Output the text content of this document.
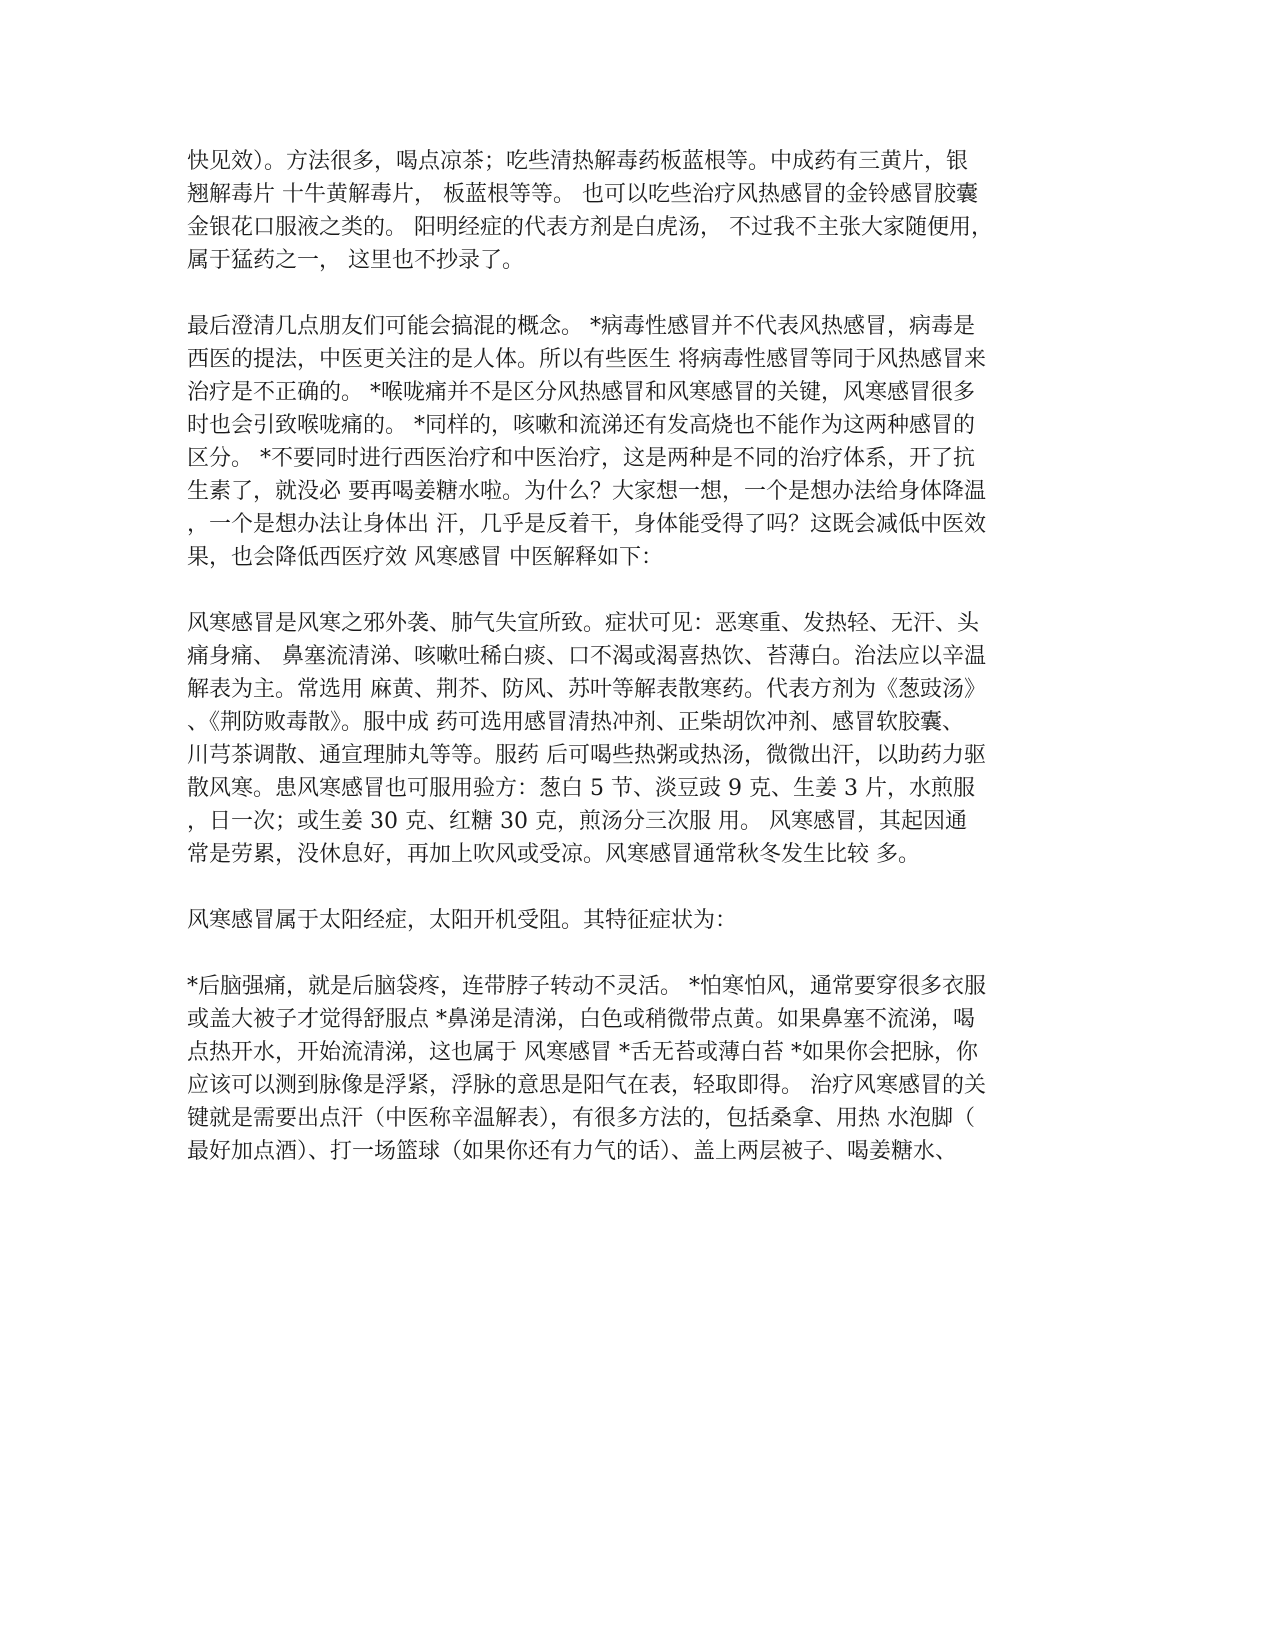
快见效）。方法很多，喝点凉茶；吃些清热解毒药板蓝根等。中成药有三黄片，银
翘解毒片 十牛黄解毒片， 板蓝根等等。 也可以吃些治疗风热感冒的金铃感冒胶囊
金银花口服液之类的。 阳明经症的代表方剂是白虎汤， 不过我不主张大家随便用，
属于猛药之一， 这里也不抄录了。
最后澄清几点朋友们可能会搞混的概念。 *病毒性感冒并不代表风热感冒，病毒是
西医的提法，中医更关注的是人体。所以有些医生 将病毒性感冒等同于风热感冒来
治疗是不正确的。 *喉咙痛并不是区分风热感冒和风寒感冒的关键，风寒感冒很多
时也会引致喉咙痛的。 *同样的，咳嗽和流涕还有发高烧也不能作为这两种感冒的
区分。 *不要同时进行西医治疗和中医治疗，这是两种是不同的治疗体系，开了抗
生素了，就没必 要再喝姜糖水啦。为什么？大家想一想，一个是想办法给身体降温
，一个是想办法让身体出 汗，几乎是反着干，身体能受得了吗？这既会减低中医效
果，也会降低西医疗效 风寒感冒 中医解释如下：
风寒感冒是风寒之邪外袭、肺气失宣所致。症状可见：恶寒重、发热轻、无汗、头
痛身痛、 鼻塞流清涕、咳嗽吐稀白痰、口不渴或渴喜热饮、苔薄白。治法应以辛温
解表为主。常选用 麻黄、荆芥、防风、苏叶等解表散寒药。代表方剂为《葱豉汤》
、《荆防败毒散》。服中成 药可选用感冒清热冲剂、正柴胡饮冲剂、感冒软胶囊、
川芎茶调散、通宣理肺丸等等。服药 后可喝些热粥或热汤，微微出汗，以助药力驱
散风寒。患风寒感冒也可服用验方：葱白 5 节、淡豆豉 9 克、生姜 3 片，水煎服
，日一次；或生姜 30 克、红糖 30 克，煎汤分三次服 用。 风寒感冒，其起因通
常是劳累，没休息好，再加上吹风或受凉。风寒感冒通常秋冬发生比较 多。
风寒感冒属于太阳经症，太阳开机受阻。其特征症状为：
*后脑强痛，就是后脑袋疼，连带脖子转动不灵活。 *怕寒怕风，通常要穿很多衣服
或盖大被子才觉得舒服点 *鼻涕是清涕，白色或稍微带点黄。如果鼻塞不流涕，喝
点热开水，开始流清涕，这也属于 风寒感冒 *舌无苔或薄白苔 *如果你会把脉，你
应该可以测到脉像是浮紧，浮脉的意思是阳气在表，轻取即得。 治疗风寒感冒的关
键就是需要出点汗（中医称辛温解表），有很多方法的，包括桑拿、用热 水泡脚（
最好加点酒）、打一场篮球（如果你还有力气的话）、盖上两层被子、喝姜糖水、
